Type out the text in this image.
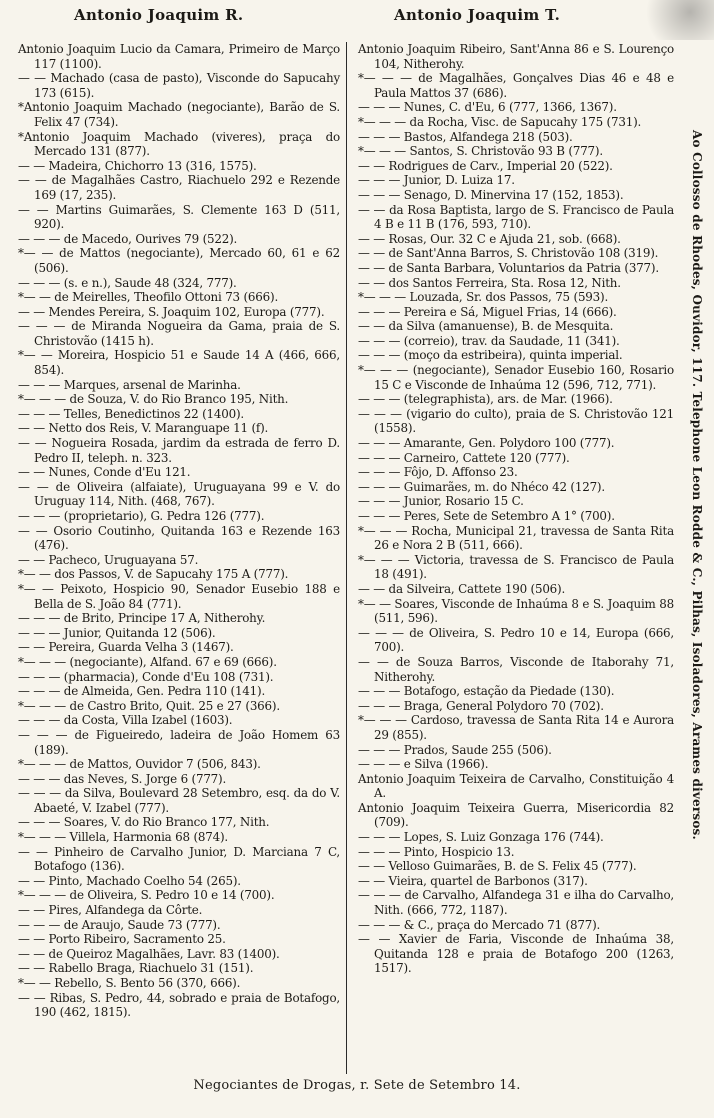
Antonio Joaquim R.	Antonio Joaquim T.
Antonio Joaquim Lucio da Camara, Primeiro de Março 117 (1100).
— — Machado (casa de pasto), Visconde do Sapucahy 173 (615).
*Antonio Joaquim Machado (negociante), Barão de S. Felix 47 (734).
*Antonio Joaquim Machado (viveres), praça do Mercado 131 (877).
— — Madeira, Chichorro 13 (316, 1575).
— — de Magalhães Castro, Riachuelo 292 e Rezende 169 (17, 235).
— — Martins Guimarães, S. Clemente 163 D (511, 920).
— — — de Macedo, Ourives 79 (522).
*— — de Mattos (negociante), Mercado 60, 61 e 62 (506).
— — — (s. e n.), Saude 48 (324, 777).
*— — de Meirelles, Theofilo Ottoni 73 (666).
— — Mendes Pereira, S. Joaquim 102, Europa (777).
— — — de Miranda Nogueira da Gama, praia de S. Christovão (1415 h).
*— — Moreira, Hospicio 51 e Saude 14 A (466, 666, 854).
— — — Marques, arsenal de Marinha.
*— — — de Souza, V. do Rio Branco 195, Nith.
— — — Telles, Benedictinos 22 (1400).
— — Netto dos Reis, V. Maranguape 11 (f).
— — Nogueira Rosada, jardim da estrada de ferro D. Pedro II, teleph. n. 323.
— — Nunes, Conde d'Eu 121.
— — de Oliveira (alfaiate), Uruguayana 99 e V. do Uruguay 114, Nith. (468, 767).
— — — (proprietario), G. Pedra 126 (777).
— — Osorio Coutinho, Quitanda 163 e Rezende 163 (476).
— — Pacheco, Uruguayana 57.
*— — dos Passos, V. de Sapucahy 175 A (777).
*— — Peixoto, Hospicio 90, Senador Eusebio 188 e Bella de S. João 84 (771).
— — — de Brito, Principe 17 A, Nitherohy.
— — — Junior, Quitanda 12 (506).
— — Pereira, Guarda Velha 3 (1467).
*— — — (negociante), Alfand. 67 e 69 (666).
— — — (pharmacia), Conde d'Eu 108 (731).
— — — de Almeida, Gen. Pedra 110 (141).
*— — — de Castro Brito, Quit. 25 e 27 (366).
— — — da Costa, Villa Izabel (1603).
— — — de Figueiredo, ladeira de João Homem 63 (189).
*— — — de Mattos, Ouvidor 7 (506, 843).
— — — das Neves, S. Jorge 6 (777).
— — — da Silva, Boulevard 28 Setembro, esq. da do V. Abaeté, V. Izabel (777).
— — — Soares, V. do Rio Branco 177, Nith.
*— — — Villela, Harmonia 68 (874).
— — Pinheiro de Carvalho Junior, D. Marciana 7 C, Botafogo (136).
— — Pinto, Machado Coelho 54 (265).
*— — — de Oliveira, S. Pedro 10 e 14 (700).
— — Pires, Alfandega da Côrte.
— — — de Araujo, Saude 73 (777).
— — Porto Ribeiro, Sacramento 25.
— — de Queiroz Magalhães, Lavr. 83 (1400).
— — Rabello Braga, Riachuelo 31 (151).
*— — Rebello, S. Bento 56 (370, 666).
— — Ribas, S. Pedro, 44, sobrado e praia de Botafogo, 190 (462, 1815).
Antonio Joaquim Ribeiro, Sant'Anna 86 e S. Lourenço 104, Nitherohy.
*— — — de Magalhães, Gonçalves Dias 46 e 48 e Paula Mattos 37 (686).
— — — Nunes, C. d'Eu, 6 (777, 1366, 1367).
*— — — da Rocha, Visc. de Sapucahy 175 (731).
— — — Bastos, Alfandega 218 (503).
*— — — Santos, S. Christovão 93 B (777).
— — Rodrigues de Carv., Imperial 20 (522).
— — — Junior, D. Luiza 17.
— — — Senago, D. Minervina 17 (152, 1853).
— — da Rosa Baptista, largo de S. Francisco de Paula 4 B e 11 B (176, 593, 710).
— — Rosas, Our. 32 C e Ajuda 21, sob. (668).
— — de Sant'Anna Barros, S. Christovão 108 (319).
— — de Santa Barbara, Voluntarios da Patria (377).
— — dos Santos Ferreira, Sta. Rosa 12, Nith.
*— — — Louzada, Sr. dos Passos, 75 (593).
— — — Pereira e Sá, Miguel Frias, 14 (666).
— — da Silva (amanuense), B. de Mesquita.
— — — (correio), trav. da Saudade, 11 (341).
— — — (moço da estribeira), quinta imperial.
*— — — (negociante), Senador Eusebio 160, Rosario 15 C e Visconde de Inhaúma 12 (596, 712, 771).
— — — (telegraphista), ars. de Mar. (1966).
— — — (vigario do culto), praia de S. Christovão 121 (1558).
— — — Amarante, Gen. Polydoro 100 (777).
— — — Carneiro, Cattete 120 (777).
— — — Fôjo, D. Affonso 23.
— — — Guimarães, m. do Nhéco 42 (127).
— — — Junior, Rosario 15 C.
— — — Peres, Sete de Setembro A 1° (700).
*— — — Rocha, Municipal 21, travessa de Santa Rita 26 e Nora 2 B (511, 666).
*— — — Victoria, travessa de S. Francisco de Paula 18 (491).
— — da Silveira, Cattete 190 (506).
*— — Soares, Visconde de Inhaúma 8 e S. Joaquim 88 (511, 596).
— — — de Oliveira, S. Pedro 10 e 14, Europa (666, 700).
— — de Souza Barros, Visconde de Itaborahy 71, Nitherohy.
— — — Botafogo, estação da Piedade (130).
— — — Braga, General Polydoro 70 (702).
*— — — Cardoso, travessa de Santa Rita 14 e Aurora 29 (855).
— — — Prados, Saude 255 (506).
— — — e Silva (1966).
Antonio Joaquim Teixeira de Carvalho, Constituição 4 A.
Antonio Joaquim Teixeira Guerra, Misericordia 82 (709).
— — — Lopes, S. Luiz Gonzaga 176 (744).
— — — Pinto, Hospicio 13.
— — Velloso Guimarães, B. de S. Felix 45 (777).
— — Vieira, quartel de Barbonos (317).
— — — de Carvalho, Alfandega 31 e ilha do Carvalho, Nith. (666, 772, 1187).
— — — & C., praça do Mercado 71 (877).
— — Xavier de Faria, Visconde de Inhaúma 38, Quitanda 128 e praia de Botafogo 200 (1263, 1517).
Ao Collosso de Rhodes, Ouvidor, 117. Telephone Leon Rodde & C., Pilhas, Isoladores, Arames diversos.
Negociantes de Drogas, r. Sete de Setembro 14.
